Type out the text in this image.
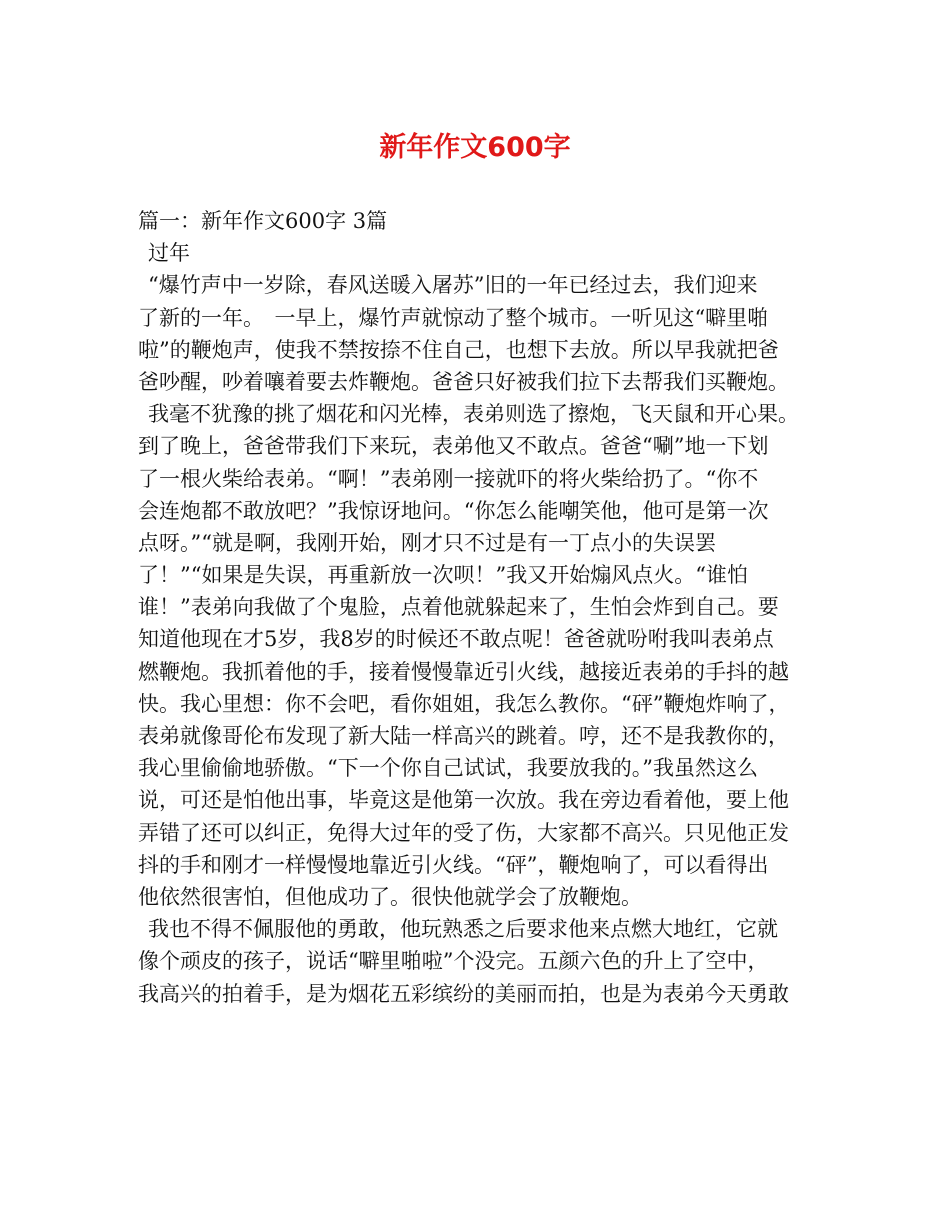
新年作文600字
篇一：新年作文600字 3篇
过年
“爆竹声中一岁除，春风送暖入屠苏”旧的一年已经过去，我们迎来
了新的一年。　一早上，爆竹声就惊动了整个城市。一听见这“噼里啪
啦”的鞭炮声，使我不禁按捺不住自己，也想下去放。所以早我就把爸
爸吵醒，吵着嚷着要去炸鞭炮。爸爸只好被我们拉下去帮我们买鞭炮。
我毫不犹豫的挑了烟花和闪光棒，表弟则选了擦炮，飞天鼠和开心果。
到了晚上，爸爸带我们下来玩，表弟他又不敢点。爸爸“唰”地一下划
了一根火柴给表弟。“啊！”表弟刚一接就吓的将火柴给扔了。“你不
会连炮都不敢放吧？”我惊讶地问。“你怎么能嘲笑他，他可是第一次
点呀。”“就是啊，我刚开始，刚才只不过是有一丁点小的失误罢
了！”“如果是失误，再重新放一次呗！”我又开始煽风点火。“谁怕
谁！”表弟向我做了个鬼脸，点着他就躲起来了，生怕会炸到自己。要
知道他现在才5岁，我8岁的时候还不敢点呢！爸爸就吩咐我叫表弟点
燃鞭炮。我抓着他的手，接着慢慢靠近引火线，越接近表弟的手抖的越
快。我心里想：你不会吧，看你姐姐，我怎么教你。“砰”鞭炮炸响了，
表弟就像哥伦布发现了新大陆一样高兴的跳着。哼，还不是我教你的，
我心里偷偷地骄傲。“下一个你自己试试，我要放我的。”我虽然这么
说，可还是怕他出事，毕竟这是他第一次放。我在旁边看着他，要上他
弄错了还可以纠正，免得大过年的受了伤，大家都不高兴。只见他正发
抖的手和刚才一样慢慢地靠近引火线。“砰”，鞭炮响了，可以看得出
他依然很害怕，但他成功了。很快他就学会了放鞭炮。
我也不得不佩服他的勇敢，他玩熟悉之后要求他来点燃大地红，它就
像个顽皮的孩子，说话“噼里啪啦”个没完。五颜六色的升上了空中，
我高兴的拍着手，是为烟花五彩缤纷的美丽而拍，也是为表弟今天勇敢
